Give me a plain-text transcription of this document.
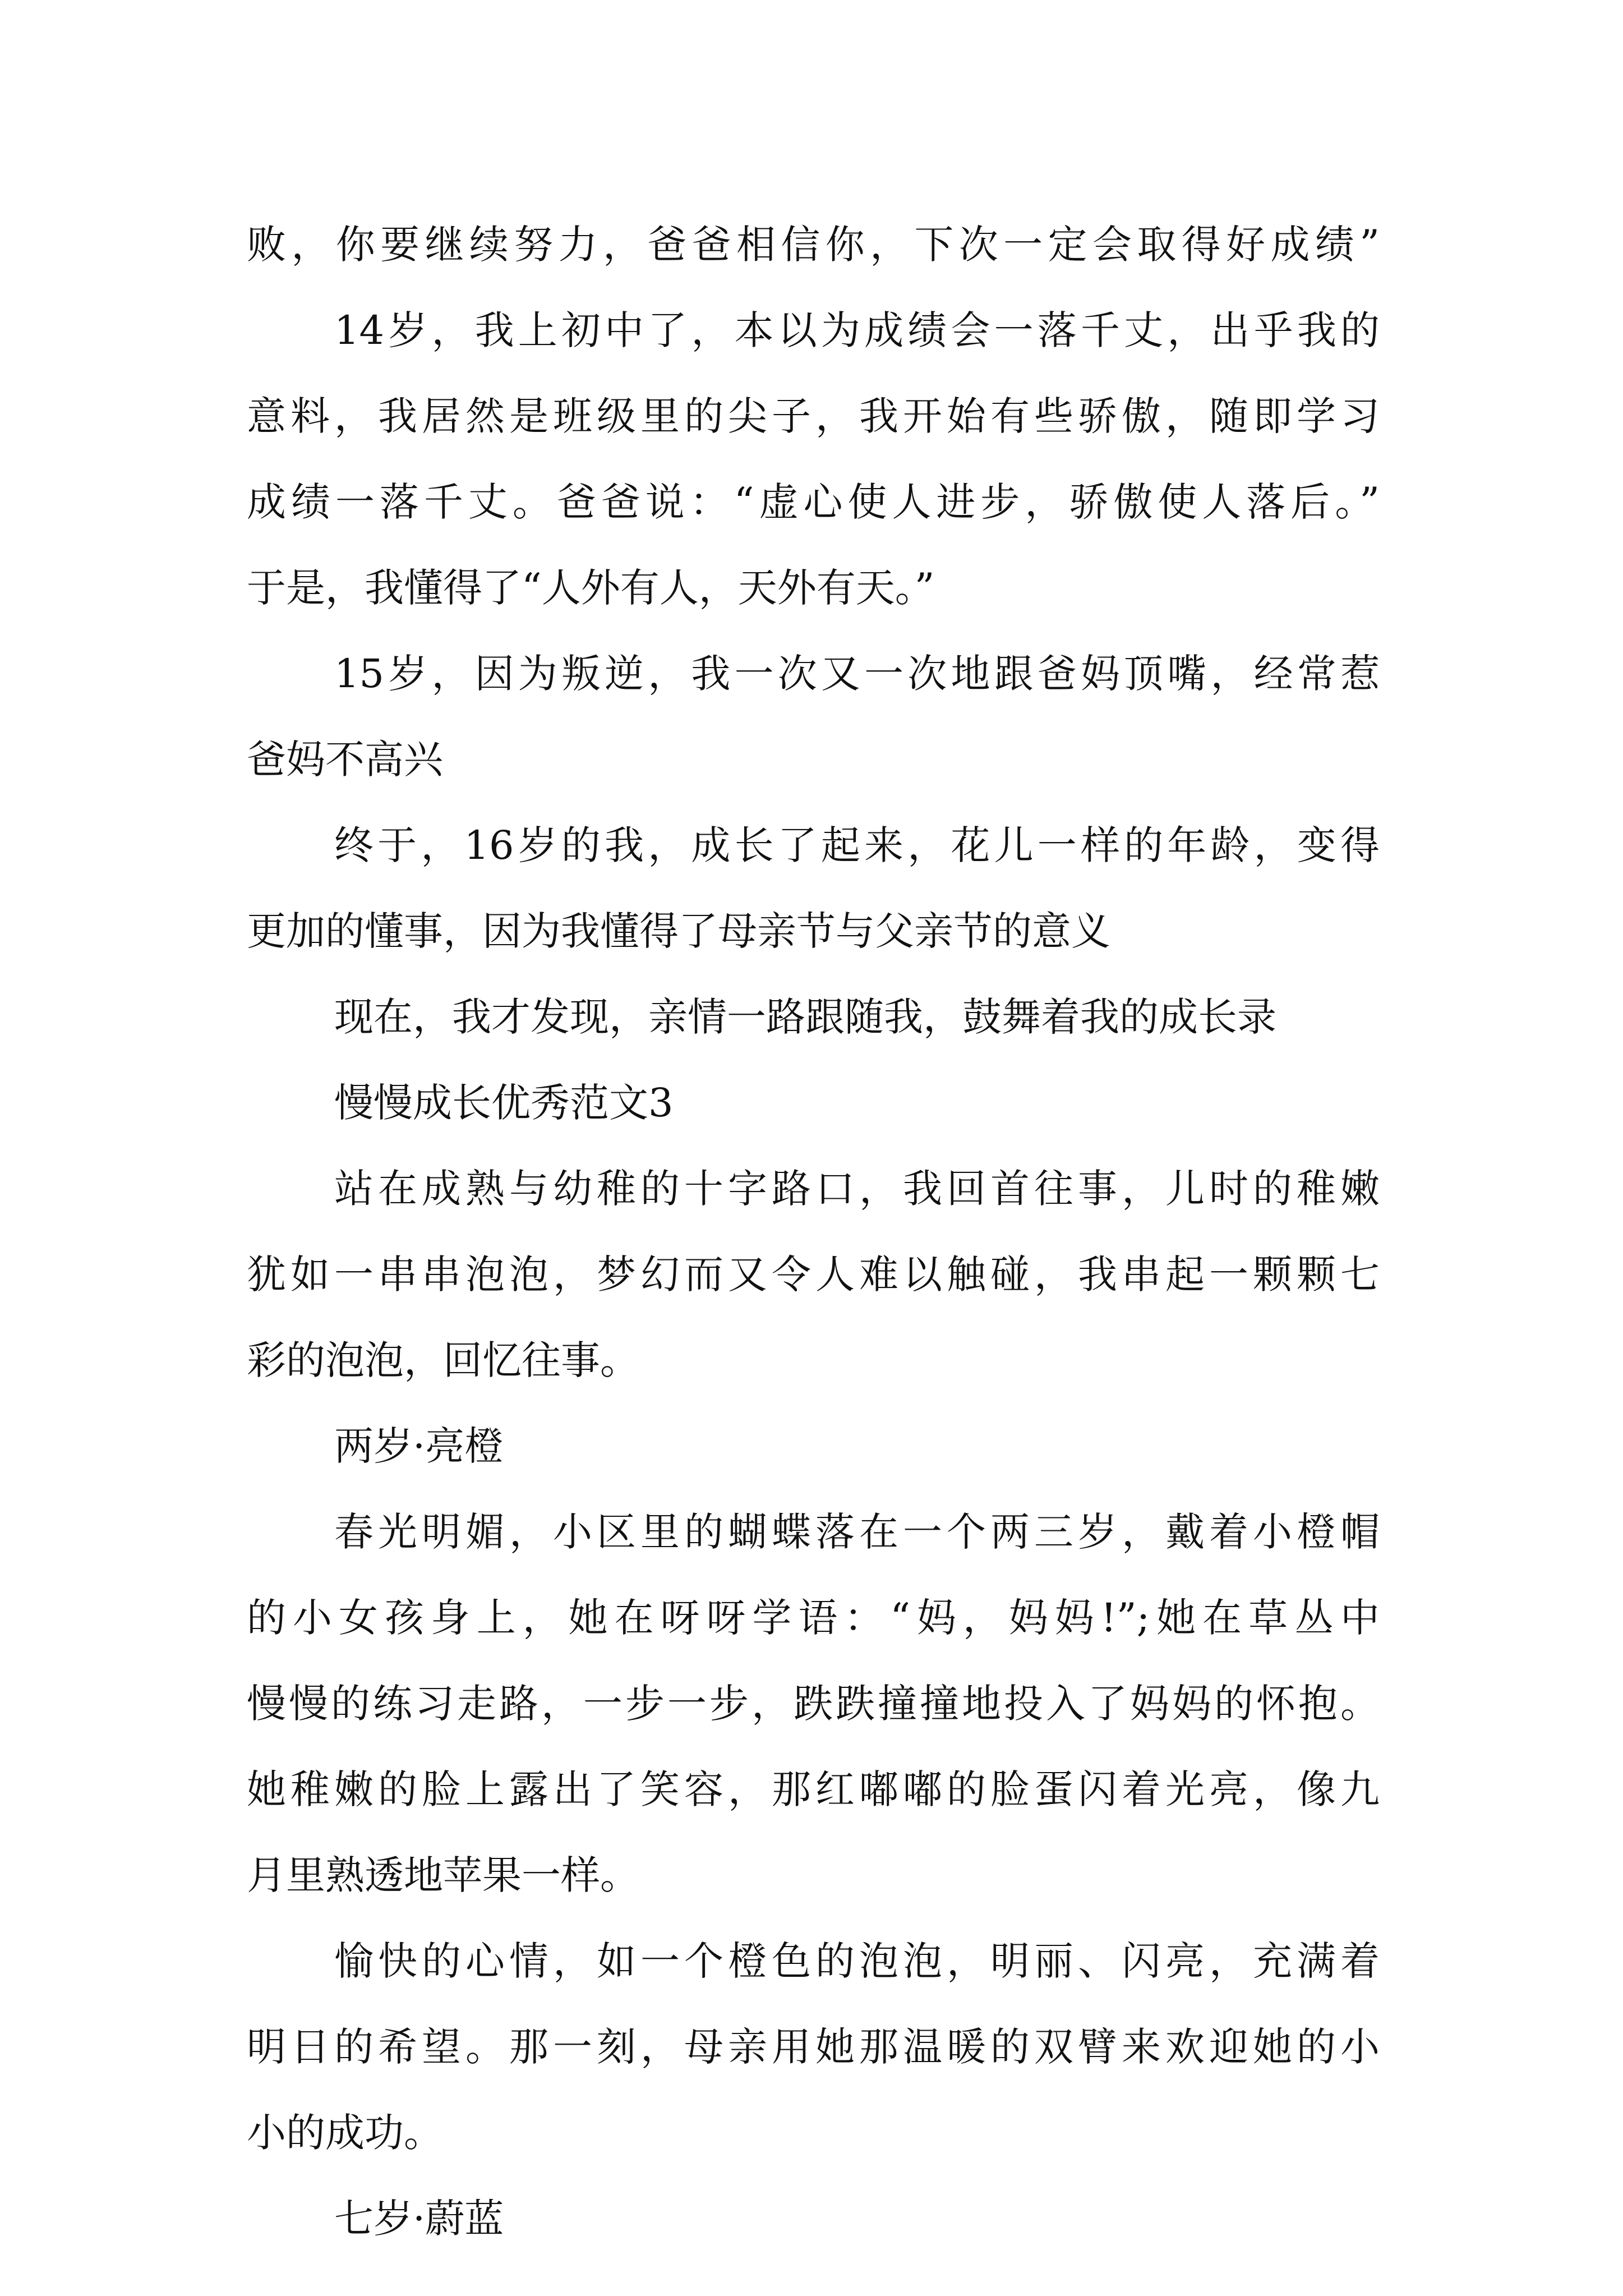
败，你要继续努力，爸爸相信你，下次一定会取得好成绩”
14岁，我上初中了，本以为成绩会一落千丈，出乎我的
意料，我居然是班级里的尖子，我开始有些骄傲，随即学习
成绩一落千丈。爸爸说：“虚心使人进步，骄傲使人落后。”
于是，我懂得了“人外有人，天外有天。”
15岁，因为叛逆，我一次又一次地跟爸妈顶嘴，经常惹
爸妈不高兴
终于，16岁的我，成长了起来，花儿一样的年龄，变得
更加的懂事，因为我懂得了母亲节与父亲节的意义
现在，我才发现，亲情一路跟随我，鼓舞着我的成长录
慢慢成长优秀范文3
站在成熟与幼稚的十字路口，我回首往事，儿时的稚嫩
犹如一串串泡泡，梦幻而又令人难以触碰，我串起一颗颗七
彩的泡泡，回忆往事。
两岁·亮橙
春光明媚，小区里的蝴蝶落在一个两三岁，戴着小橙帽
的小女孩身上，她在呀呀学语：“妈，妈妈!”;她在草丛中
慢慢的练习走路，一步一步，跌跌撞撞地投入了妈妈的怀抱。
她稚嫩的脸上露出了笑容，那红嘟嘟的脸蛋闪着光亮，像九
月里熟透地苹果一样。
愉快的心情，如一个橙色的泡泡，明丽、闪亮，充满着
明日的希望。那一刻，母亲用她那温暖的双臂来欢迎她的小
小的成功。
七岁·蔚蓝
